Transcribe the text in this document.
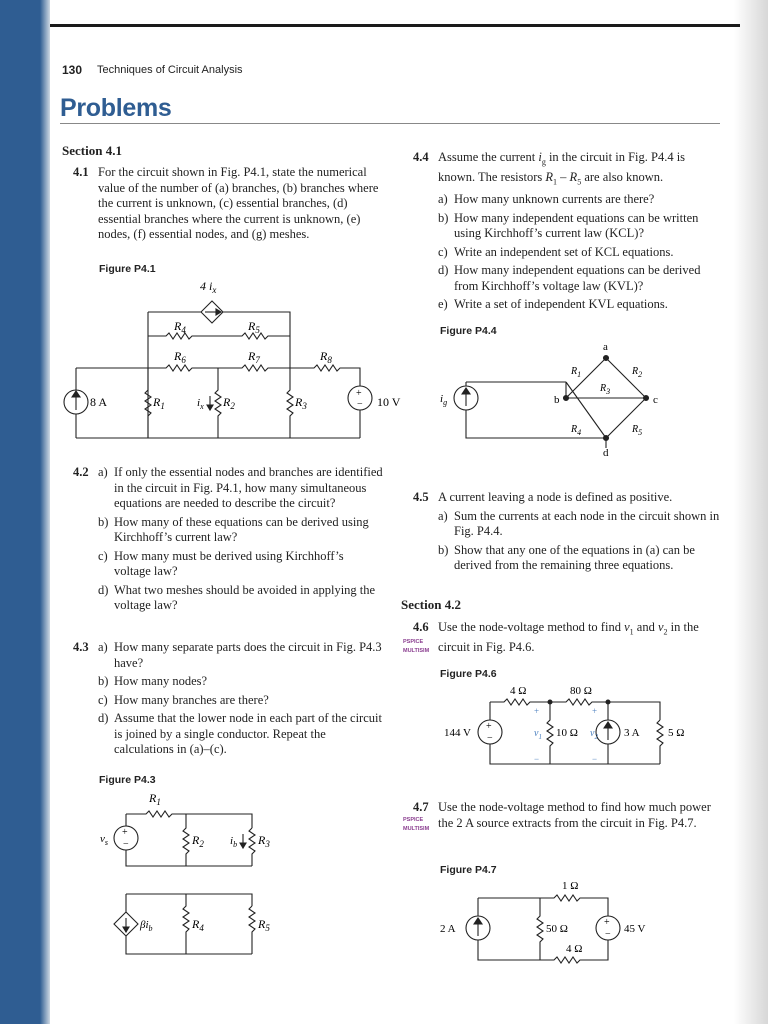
130 Techniques of Circuit Analysis
Problems
Section 4.1
4.1 For the circuit shown in Fig. P4.1, state the numerical value of the number of (a) branches, (b) branches where the current is unknown, (c) essential branches, (d) essential branches where the current is unknown, (e) nodes, (f) essential nodes, and (g) meshes.
Figure P4.1
4 $i_x$
$R_4$	$R_5$
$R_6$	$R_7$	$R_8$
8 A	$R_1$	$i_x$ $R_2$	$R_3$
+
− 10 V
4.2 a) If only the essential nodes and branches are identified in the circuit in Fig. P4.1, how many simultaneous equations are needed to describe the circuit?
b) How many of these equations can be derived using Kirchhoff’s current law?
c) How many must be derived using Kirchhoff’s voltage law?
d) What two meshes should be avoided in applying the voltage law?
4.3 a) How many separate parts does the circuit in Fig. P4.3 have?
b) How many nodes?
c) How many branches are there?
d) Assume that the lower node in each part of the circuit is joined by a single conductor. Repeat the calculations in (a)–(c).
Figure P4.3
$R_1$
+
−
$v_s$	$R_2$ $i_b$ $R_3$
$\beta i_b$	$R_4$	$R_5$
4.4 Assume the current $i_g$ in the circuit in Fig. P4.4 is known. The resistors $R_1 - R_5$ are also known.
a) How many unknown currents are there?
b) How many independent equations can be written using Kirchhoff’s current law (KCL)?
c) Write an independent set of KCL equations.
d) How many independent equations can be derived from Kirchhoff’s voltage law (KVL)?
e) Write a set of independent KVL equations.
Figure P4.4
a
b	c
d
$i_g$
$R_1$	$R_2$
$R_3$
$R_4$	$R_5$
4.5 A current leaving a node is defined as positive.
a) Sum the currents at each node in the circuit shown in Fig. P4.4.
b) Show that any one of the equations in (a) can be derived from the remaining three equations.
Section 4.2
4.6 Use the node-voltage method to find $v_1$ and $v_2$ in the circuit in Fig. P4.6.
PSPICE
MULTISIM
Figure P4.6
4 Ω	80 Ω
+	+
−	−
+
−
144 V	$v_1$ 10 Ω $v_2$ 3 A	5 Ω
4.7 Use the node-voltage method to find how much power the 2 A source extracts from the circuit in Fig. P4.7.
PSPICE
MULTISIM
Figure P4.7
1 Ω
2 A	50 Ω
+
− 45 V
4 Ω
